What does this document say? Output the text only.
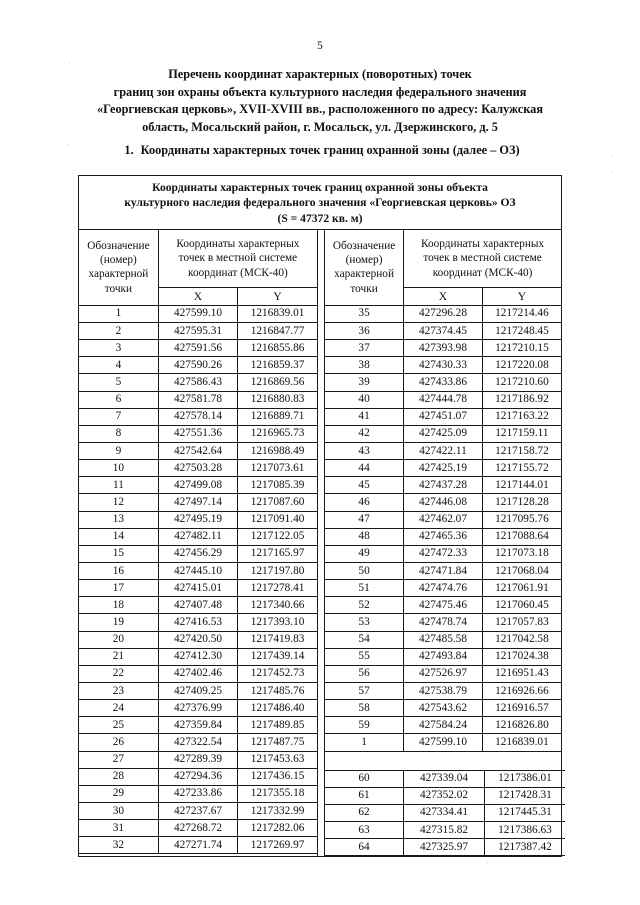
5
Перечень координат характерных (поворотных) точек
границ зон охраны объекта культурного наследия федерального значения
«Георгиевская церковь», XVII-XVIII вв., расположенного по адресу: Калужская
область, Мосальский район, г. Мосальск, ул. Дзержинского, д. 5
1. Координаты характерных точек границ охранной зоны (далее – ОЗ)
Координаты характерных точек границ охранной зоны объекта
культурного наследия федерального значения «Георгиевская церковь» ОЗ
(S = 47372 кв. м)
Обозначение (номер) характерной точки	Координаты характерных точек в местной системе координат (МСК-40)	
	X	Y
1	427599.10	1216839.01
2	427595.31	1216847.77
3	427591.56	1216855.86
4	427590.26	1216859.37
5	427586.43	1216869.56
6	427581.78	1216880.83
7	427578.14	1216889.71
8	427551.36	1216965.73
9	427542.64	1216988.49
10	427503.28	1217073.61
11	427499.08	1217085.39
12	427497.14	1217087.60
13	427495.19	1217091.40
14	427482.11	1217122.05
15	427456.29	1217165.97
16	427445.10	1217197.80
17	427415.01	1217278.41
18	427407.48	1217340.66
19	427416.53	1217393.10
20	427420.50	1217419.83
21	427412.30	1217439.14
22	427402.46	1217452.73
23	427409.25	1217485.76
24	427376.99	1217486.40
25	427359.84	1217489.85
26	427322.54	1217487.75
27	427289.39	1217453.63
28	427294.36	1217436.15
29	427233.86	1217355.18
30	427237.67	1217332.99
31	427268.72	1217282.06
32	427271.74	1217269.97
Обозначение (номер) характерной точки	Координаты характерных точек в местной системе координат (МСК-40)	
	X	Y
35	427296.28	1217214.46
36	427374.45	1217248.45
37	427393.98	1217210.15
38	427430.33	1217220.08
39	427433.86	1217210.60
40	427444.78	1217186.92
41	427451.07	1217163.22
42	427425.09	1217159.11
43	427422.11	1217158.72
44	427425.19	1217155.72
45	427437.28	1217144.01
46	427446.08	1217128.28
47	427462.07	1217095.76
48	427465.36	1217088.64
49	427472.33	1217073.18
50	427471.84	1217068.04
51	427474.76	1217061.91
52	427475.46	1217060.45
53	427478.74	1217057.83
54	427485.58	1217042.58
55	427493.84	1217024.38
56	427526.97	1216951.43
57	427538.79	1216926.66
58	427543.62	1216916.57
59	427584.24	1216826.80
1	427599.10	1216839.01
60	427339.04	1217386.01
61	427352.02	1217428.31
62	427334.41	1217445.31
63	427315.82	1217386.63
64	427325.97	1217387.42
